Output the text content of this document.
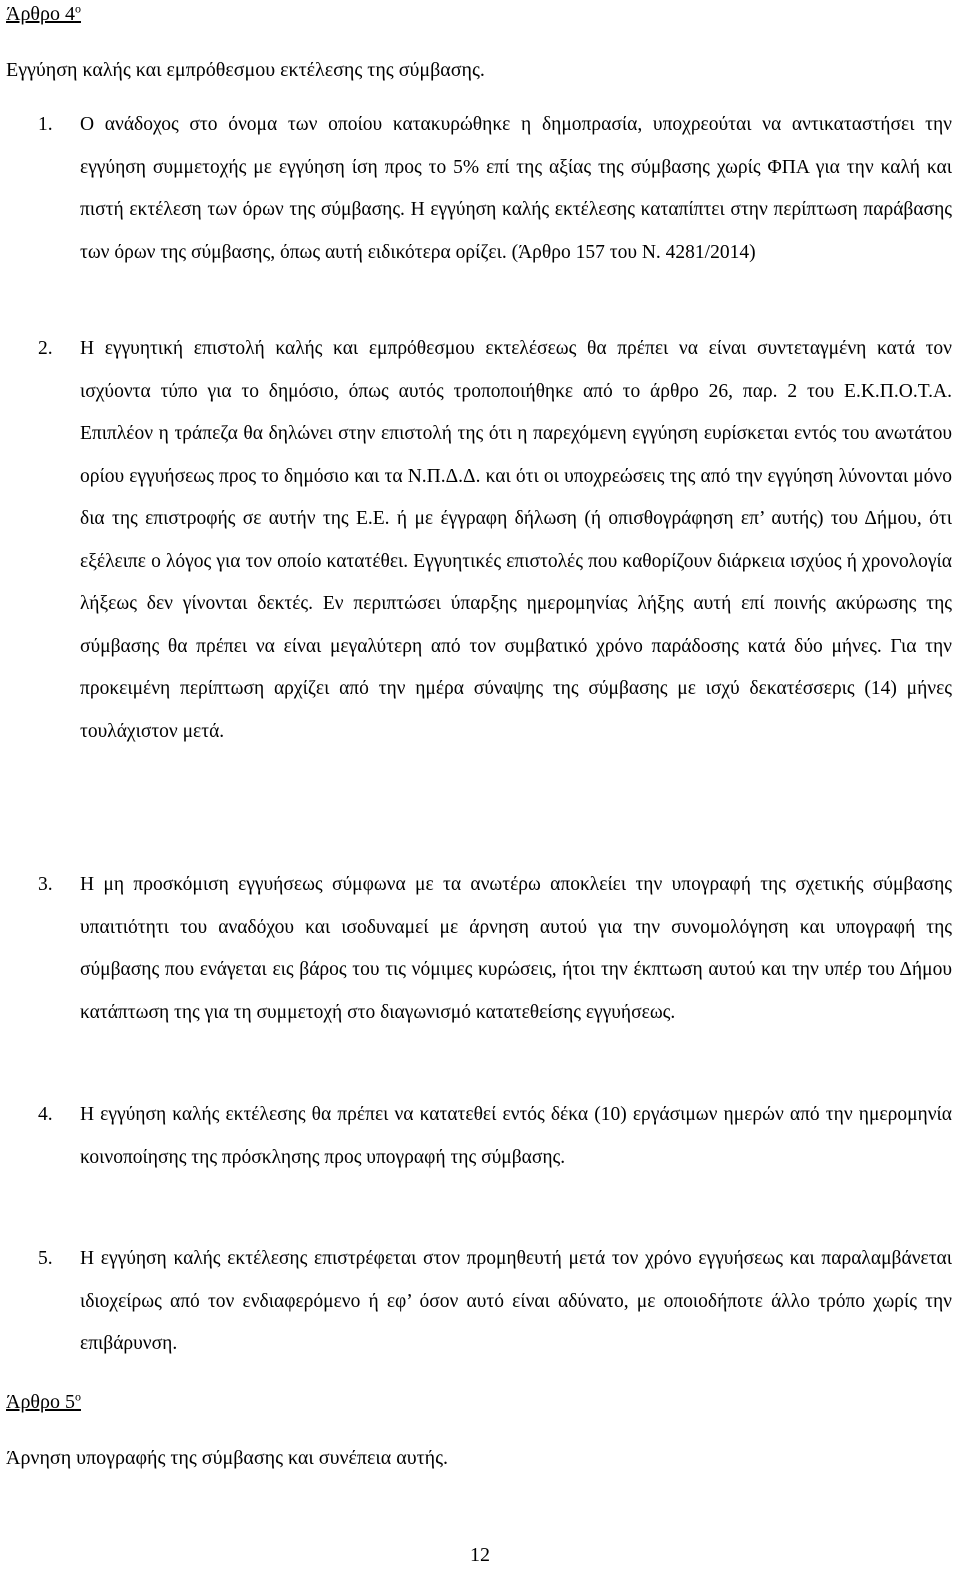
Άρθρο $4^o$

Εγγύηση καλής και εμπρόθεσμου εκτέλεσης της σύμβασης.

1.	Ο ανάδοχος στο όνομα των οποίου κατακυρώθηκε η δημοπρασία, υποχρεούται να αντικαταστήσει την εγγύηση συμμετοχής με εγγύηση ίση προς το 5% επί της αξίας της σύμβασης χωρίς ΦΠΑ για την καλή και πιστή εκτέλεση των όρων της σύμβασης. Η εγγύηση καλής εκτέλεσης καταπίπτει στην περίπτωση παράβασης των όρων της σύμβασης, όπως αυτή ειδικότερα ορίζει. (Άρθρο 157 του Ν. 4281/2014)
2.	Η εγγυητική επιστολή καλής και εμπρόθεσμου εκτελέσεως θα πρέπει να είναι συντεταγμένη κατά τον ισχύοντα τύπο για το δημόσιο, όπως αυτός τροποποιήθηκε από το άρθρο 26, παρ. 2 του Ε.Κ.Π.Ο.Τ.Α. Επιπλέον η τράπεζα θα δηλώνει στην επιστολή της ότι η παρεχόμενη εγγύηση ευρίσκεται εντός του ανωτάτου ορίου εγγυήσεως προς το δημόσιο και τα Ν.Π.Δ.Δ. και ότι οι υποχρεώσεις της από την εγγύηση λύνονται μόνο δια της επιστροφής σε αυτήν της Ε.Ε. ή με έγγραφη δήλωση (ή οπισθογράφηση επ’ αυτής) του Δήμου, ότι εξέλειπε ο λόγος για τον οποίο κατατέθει. Εγγυητικές επιστολές που καθορίζουν διάρκεια ισχύος ή χρονολογία λήξεως δεν γίνονται δεκτές. Εν περιπτώσει ύπαρξης ημερομηνίας λήξης αυτή επί ποινής ακύρωσης της σύμβασης θα πρέπει να είναι μεγαλύτερη από τον συμβατικό χρόνο παράδοσης κατά δύο μήνες. Για την προκειμένη περίπτωση αρχίζει από την ημέρα σύναψης της σύμβασης με ισχύ δεκατέσσερις (14) μήνες τουλάχιστον μετά.
3.	Η μη προσκόμιση εγγυήσεως σύμφωνα με τα ανωτέρω αποκλείει την υπογραφή της σχετικής σύμβασης υπαιτιότητι του αναδόχου και ισοδυναμεί με άρνηση αυτού για την συνομολόγηση και υπογραφή της σύμβασης που ενάγεται εις βάρος του τις νόμιμες κυρώσεις, ήτοι την έκπτωση αυτού και την υπέρ του Δήμου κατάπτωση της για τη συμμετοχή στο διαγωνισμό κατατεθείσης εγγυήσεως.
4.	Η εγγύηση καλής εκτέλεσης θα πρέπει να κατατεθεί εντός δέκα (10) εργάσιμων ημερών από την ημερομηνία κοινοποίησης της πρόσκλησης προς υπογραφή της σύμβασης.
5.	Η εγγύηση καλής εκτέλεσης επιστρέφεται στον προμηθευτή μετά τον χρόνο εγγυήσεως και παραλαμβάνεται ιδιοχείρως από τον ενδιαφερόμενο ή εφ’ όσον αυτό είναι αδύνατο, με οποιοδήποτε άλλο τρόπο χωρίς την επιβάρυνση.
Άρθρο $5^o$

Άρνηση υπογραφής της σύμβασης και συνέπεια αυτής.

12
